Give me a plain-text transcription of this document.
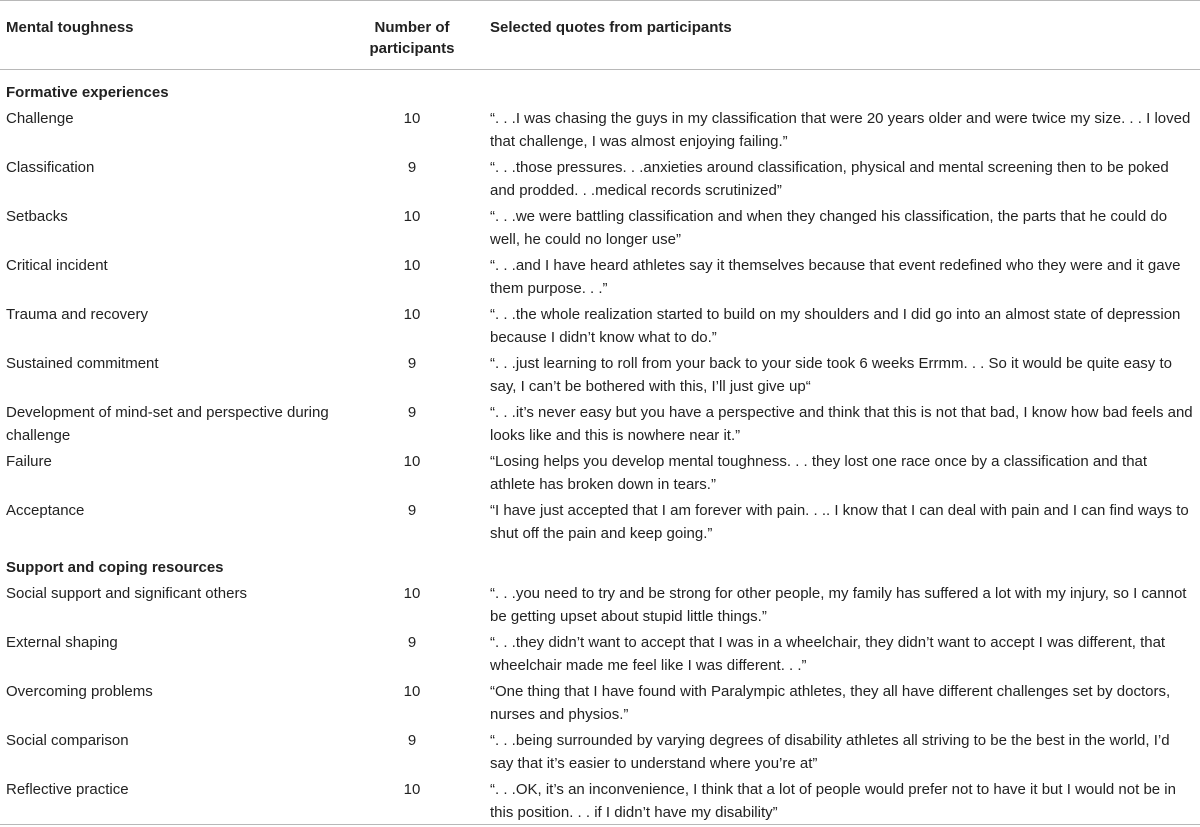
Mental toughness	Number of participants	Selected quotes from participants
Formative experiences		
Challenge	10	“. . .I was chasing the guys in my classification that were 20 years older and were twice my size. . . I loved that challenge, I was almost enjoying failing.”
Classification	9	“. . .those pressures. . .anxieties around classification, physical and mental screening then to be poked and prodded. . .medical records scrutinized”
Setbacks	10	“. . .we were battling classification and when they changed his classification, the parts that he could do well, he could no longer use”
Critical incident	10	“. . .and I have heard athletes say it themselves because that event redefined who they were and it gave them purpose. . .”
Trauma and recovery	10	“. . .the whole realization started to build on my shoulders and I did go into an almost state of depression because I didn’t know what to do.”
Sustained commitment	9	“. . .just learning to roll from your back to your side took 6 weeks Errmm. . . So it would be quite easy to say, I can’t be bothered with this, I’ll just give up“
Development of mind-set and perspective during challenge	9	“. . .it’s never easy but you have a perspective and think that this is not that bad, I know how bad feels and looks like and this is nowhere near it.”
Failure	10	“Losing helps you develop mental toughness. . . they lost one race once by a classification and that athlete has broken down in tears.”
Acceptance	9	“I have just accepted that I am forever with pain. . .. I know that I can deal with pain and I can find ways to shut off the pain and keep going.”
Support and coping resources		
Social support and significant others	10	“. . .you need to try and be strong for other people, my family has suffered a lot with my injury, so I cannot be getting upset about stupid little things.”
External shaping	9	“. . .they didn’t want to accept that I was in a wheelchair, they didn’t want to accept I was different, that wheelchair made me feel like I was different. . .”
Overcoming problems	10	“One thing that I have found with Paralympic athletes, they all have different challenges set by doctors, nurses and physios.”
Social comparison	9	“. . .being surrounded by varying degrees of disability athletes all striving to be the best in the world, I’d say that it’s easier to understand where you’re at”
Reflective practice	10	“. . .OK, it’s an inconvenience, I think that a lot of people would prefer not to have it but I would not be in this position. . . if I didn’t have my disability”
